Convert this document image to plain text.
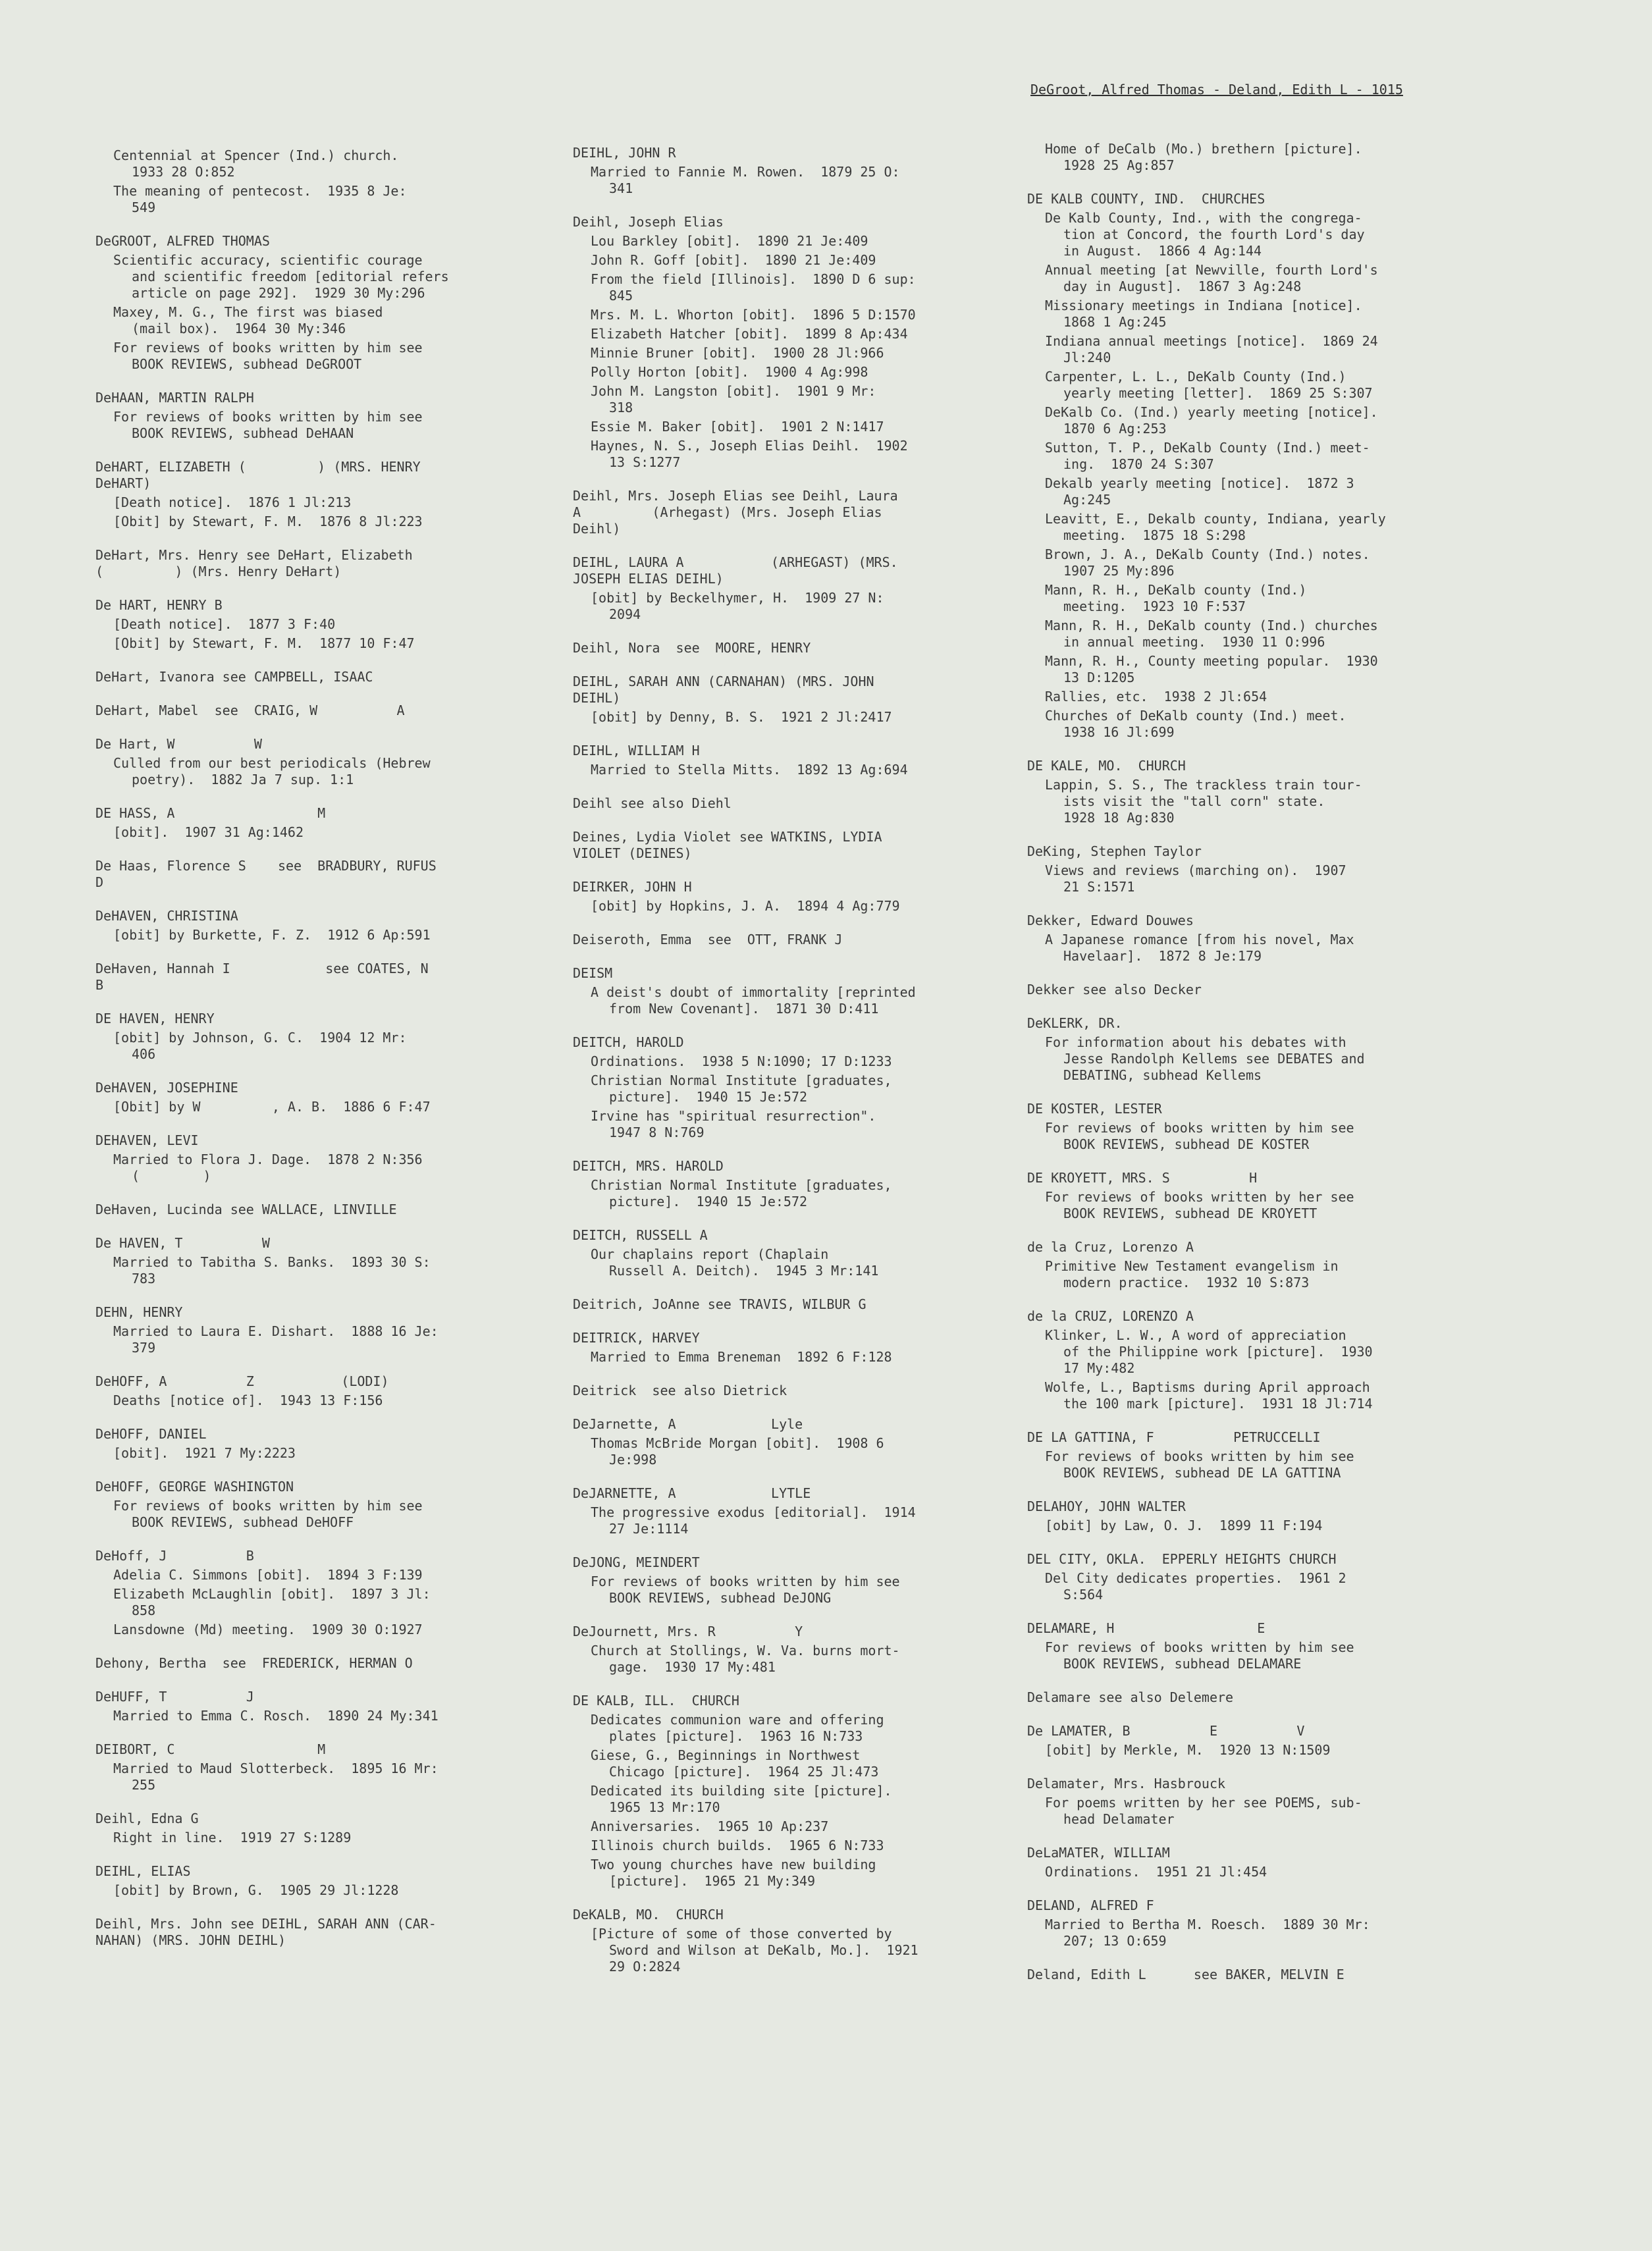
DeGroot, Alfred Thomas - Deland, Edith L - 1015
Centennial at Spencer (Ind.) church.
1933 28 O:852
The meaning of pentecost.  1935 8 Je:
549
DeGROOT, ALFRED THOMAS
Scientific accuracy, scientific courage
and scientific freedom [editorial refers
article on page 292].  1929 30 My:296
Maxey, M. G., The first was biased
(mail box).  1964 30 My:346
For reviews of books written by him see
BOOK REVIEWS, subhead DeGROOT
DeHAAN, MARTIN RALPH
For reviews of books written by him see
BOOK REVIEWS, subhead DeHAAN
DeHART, ELIZABETH (         ) (MRS. HENRY
DeHART)
[Death notice].  1876 1 Jl:213
[Obit] by Stewart, F. M.  1876 8 Jl:223
DeHart, Mrs. Henry see DeHart, Elizabeth
(         ) (Mrs. Henry DeHart)
De HART, HENRY B
[Death notice].  1877 3 F:40
[Obit] by Stewart, F. M.  1877 10 F:47
DeHart, Ivanora see CAMPBELL, ISAAC
DeHart, Mabel  see  CRAIG, W          A
De Hart, W          W
Culled from our best periodicals (Hebrew
poetry).  1882 Ja 7 sup. 1:1
DE HASS, A                  M
[obit].  1907 31 Ag:1462
De Haas, Florence S    see  BRADBURY, RUFUS
D
DeHAVEN, CHRISTINA
[obit] by Burkette, F. Z.  1912 6 Ap:591
DeHaven, Hannah I            see COATES, N
B
DE HAVEN, HENRY
[obit] by Johnson, G. C.  1904 12 Mr:
406
DeHAVEN, JOSEPHINE
[Obit] by W         , A. B.  1886 6 F:47
DEHAVEN, LEVI
Married to Flora J. Dage.  1878 2 N:356
(        )
DeHaven, Lucinda see WALLACE, LINVILLE
De HAVEN, T          W
Married to Tabitha S. Banks.  1893 30 S:
783
DEHN, HENRY
Married to Laura E. Dishart.  1888 16 Je:
379
DeHOFF, A          Z           (LODI)
Deaths [notice of].  1943 13 F:156
DeHOFF, DANIEL
[obit].  1921 7 My:2223
DeHOFF, GEORGE WASHINGTON
For reviews of books written by him see
BOOK REVIEWS, subhead DeHOFF
DeHoff, J          B
Adelia C. Simmons [obit].  1894 3 F:139
Elizabeth McLaughlin [obit].  1897 3 Jl:
858
Lansdowne (Md) meeting.  1909 30 O:1927
Dehony, Bertha  see  FREDERICK, HERMAN O
DeHUFF, T          J
Married to Emma C. Rosch.  1890 24 My:341
DEIBORT, C                  M
Married to Maud Slotterbeck.  1895 16 Mr:
255
Deihl, Edna G
Right in line.  1919 27 S:1289
DEIHL, ELIAS
[obit] by Brown, G.  1905 29 Jl:1228
Deihl, Mrs. John see DEIHL, SARAH ANN (CAR-
NAHAN) (MRS. JOHN DEIHL)
DEIHL, JOHN R
Married to Fannie M. Rowen.  1879 25 O:
341
Deihl, Joseph Elias
Lou Barkley [obit].  1890 21 Je:409
John R. Goff [obit].  1890 21 Je:409
From the field [Illinois].  1890 D 6 sup:
845
Mrs. M. L. Whorton [obit].  1896 5 D:1570
Elizabeth Hatcher [obit].  1899 8 Ap:434
Minnie Bruner [obit].  1900 28 Jl:966
Polly Horton [obit].  1900 4 Ag:998
John M. Langston [obit].  1901 9 Mr:
318
Essie M. Baker [obit].  1901 2 N:1417
Haynes, N. S., Joseph Elias Deihl.  1902
13 S:1277
Deihl, Mrs. Joseph Elias see Deihl, Laura
A         (Arhegast) (Mrs. Joseph Elias
Deihl)
DEIHL, LAURA A           (ARHEGAST) (MRS.
JOSEPH ELIAS DEIHL)
[obit] by Beckelhymer, H.  1909 27 N:
2094
Deihl, Nora  see  MOORE, HENRY
DEIHL, SARAH ANN (CARNAHAN) (MRS. JOHN
DEIHL)
[obit] by Denny, B. S.  1921 2 Jl:2417
DEIHL, WILLIAM H
Married to Stella Mitts.  1892 13 Ag:694
Deihl see also Diehl
Deines, Lydia Violet see WATKINS, LYDIA
VIOLET (DEINES)
DEIRKER, JOHN H
[obit] by Hopkins, J. A.  1894 4 Ag:779
Deiseroth, Emma  see  OTT, FRANK J
DEISM
A deist's doubt of immortality [reprinted
from New Covenant].  1871 30 D:411
DEITCH, HAROLD
Ordinations.  1938 5 N:1090; 17 D:1233
Christian Normal Institute [graduates,
picture].  1940 15 Je:572
Irvine has "spiritual resurrection".
1947 8 N:769
DEITCH, MRS. HAROLD
Christian Normal Institute [graduates,
picture].  1940 15 Je:572
DEITCH, RUSSELL A
Our chaplains report (Chaplain
Russell A. Deitch).  1945 3 Mr:141
Deitrich, JoAnne see TRAVIS, WILBUR G
DEITRICK, HARVEY
Married to Emma Breneman  1892 6 F:128
Deitrick  see also Dietrick
DeJarnette, A            Lyle
Thomas McBride Morgan [obit].  1908 6
Je:998
DeJARNETTE, A            LYTLE
The progressive exodus [editorial].  1914
27 Je:1114
DeJONG, MEINDERT
For reviews of books written by him see
BOOK REVIEWS, subhead DeJONG
DeJournett, Mrs. R          Y
Church at Stollings, W. Va. burns mort-
gage.  1930 17 My:481
DE KALB, ILL.  CHURCH
Dedicates communion ware and offering
plates [picture].  1963 16 N:733
Giese, G., Beginnings in Northwest
Chicago [picture].  1964 25 Jl:473
Dedicated its building site [picture].
1965 13 Mr:170
Anniversaries.  1965 10 Ap:237
Illinois church builds.  1965 6 N:733
Two young churches have new building
[picture].  1965 21 My:349
DeKALB, MO.  CHURCH
[Picture of some of those converted by
Sword and Wilson at DeKalb, Mo.].  1921
29 O:2824
Home of DeCalb (Mo.) brethern [picture].
1928 25 Ag:857
DE KALB COUNTY, IND.  CHURCHES
De Kalb County, Ind., with the congrega-
tion at Concord, the fourth Lord's day
in August.  1866 4 Ag:144
Annual meeting [at Newville, fourth Lord's
day in August].  1867 3 Ag:248
Missionary meetings in Indiana [notice].
1868 1 Ag:245
Indiana annual meetings [notice].  1869 24
Jl:240
Carpenter, L. L., DeKalb County (Ind.)
yearly meeting [letter].  1869 25 S:307
DeKalb Co. (Ind.) yearly meeting [notice].
1870 6 Ag:253
Sutton, T. P., DeKalb County (Ind.) meet-
ing.  1870 24 S:307
Dekalb yearly meeting [notice].  1872 3
Ag:245
Leavitt, E., Dekalb county, Indiana, yearly
meeting.  1875 18 S:298
Brown, J. A., DeKalb County (Ind.) notes.
1907 25 My:896
Mann, R. H., DeKalb county (Ind.)
meeting.  1923 10 F:537
Mann, R. H., DeKalb county (Ind.) churches
in annual meeting.  1930 11 O:996
Mann, R. H., County meeting popular.  1930
13 D:1205
Rallies, etc.  1938 2 Jl:654
Churches of DeKalb county (Ind.) meet.
1938 16 Jl:699
DE KALE, MO.  CHURCH
Lappin, S. S., The trackless train tour-
ists visit the "tall corn" state.
1928 18 Ag:830
DeKing, Stephen Taylor
Views and reviews (marching on).  1907
21 S:1571
Dekker, Edward Douwes
A Japanese romance [from his novel, Max
Havelaar].  1872 8 Je:179
Dekker see also Decker
DeKLERK, DR.
For information about his debates with
Jesse Randolph Kellems see DEBATES and
DEBATING, subhead Kellems
DE KOSTER, LESTER
For reviews of books written by him see
BOOK REVIEWS, subhead DE KOSTER
DE KROYETT, MRS. S          H
For reviews of books written by her see
BOOK REVIEWS, subhead DE KROYETT
de la Cruz, Lorenzo A
Primitive New Testament evangelism in
modern practice.  1932 10 S:873
de la CRUZ, LORENZO A
Klinker, L. W., A word of appreciation
of the Philippine work [picture].  1930
17 My:482
Wolfe, L., Baptisms during April approach
the 100 mark [picture].  1931 18 Jl:714
DE LA GATTINA, F          PETRUCCELLI
For reviews of books written by him see
BOOK REVIEWS, subhead DE LA GATTINA
DELAHOY, JOHN WALTER
[obit] by Law, O. J.  1899 11 F:194
DEL CITY, OKLA.  EPPERLY HEIGHTS CHURCH
Del City dedicates properties.  1961 2
S:564
DELAMARE, H                  E
For reviews of books written by him see
BOOK REVIEWS, subhead DELAMARE
Delamare see also Delemere
De LAMATER, B          E          V
[obit] by Merkle, M.  1920 13 N:1509
Delamater, Mrs. Hasbrouck
For poems written by her see POEMS, sub-
head Delamater
DeLaMATER, WILLIAM
Ordinations.  1951 21 Jl:454
DELAND, ALFRED F
Married to Bertha M. Roesch.  1889 30 Mr:
207; 13 O:659
Deland, Edith L      see BAKER, MELVIN E
